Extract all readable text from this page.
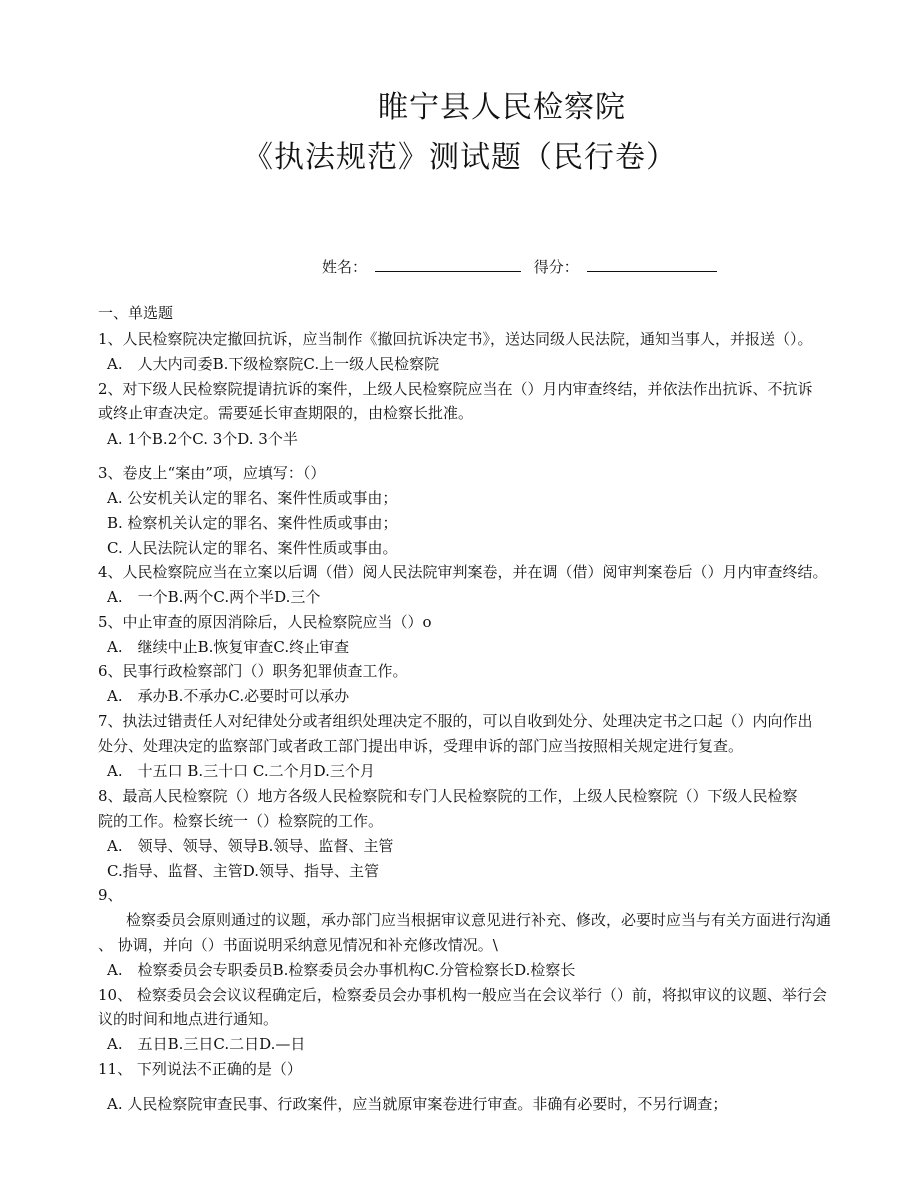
睢宁县人民检察院
《执法规范》测试题（民行卷）
姓名：	得分：
一、单选题
1、人民检察院决定撤回抗诉，应当制作《撤回抗诉决定书》，送达同级人民法院，通知当事人，并报送（）。
A.　人大内司委B.下级检察院C.上一级人民检察院
2、对下级人民检察院提请抗诉的案件，上级人民检察院应当在（）月内审查终结，并依法作出抗诉、不抗诉
或终止审查决定。需要延长审查期限的，由检察长批准。
A. 1个B.2个C. 3个D. 3个半
3、卷皮上“案由”项，应填写：（）
A. 公安机关认定的罪名、案件性质或事由；
B. 检察机关认定的罪名、案件性质或事由；
C. 人民法院认定的罪名、案件性质或事由。
4、人民检察院应当在立案以后调（借）阅人民法院审判案卷，并在调（借）阅审判案卷后（）月内审查终结。
A.　一个B.两个C.两个半D.三个
5、中止审查的原因消除后，人民检察院应当（）o
A.　继续中止B.恢复审查C.终止审查
6、民事行政检察部门（）职务犯罪侦查工作。
A.　承办B.不承办C.必要时可以承办
7、执法过错责任人对纪律处分或者组织处理决定不服的，可以自收到处分、处理决定书之口起（）内向作出
处分、处理决定的监察部门或者政工部门提出申诉，受理申诉的部门应当按照相关规定进行复查。
A.　十五口 B.三十口 C.二个月D.三个月
8、最高人民检察院（）地方各级人民检察院和专门人民检察院的工作，上级人民检察院（）下级人民检察
院的工作。检察长统一（）检察院的工作。
A.　领导、领导、领导B.领导、监督、主管
C.指导、监督、主管D.领导、指导、主管
9、
检察委员会原则通过的议题，承办部门应当根据审议意见进行补充、修改，必要时应当与有关方面进行沟通
、 协调，并向（）书面说明采纳意见情况和补充修改情况。\
A.　检察委员会专职委员B.检察委员会办事机构C.分管检察长D.检察长
10、 检察委员会会议议程确定后，检察委员会办事机构一般应当在会议举行（）前，将拟审议的议题、举行会
议的时间和地点进行通知。
A.　五日B.三日C.二日D.—日
11、 下列说法不正确的是（）
A. 人民检察院审查民事、行政案件，应当就原审案卷进行审查。非确有必要时，不另行调查；
